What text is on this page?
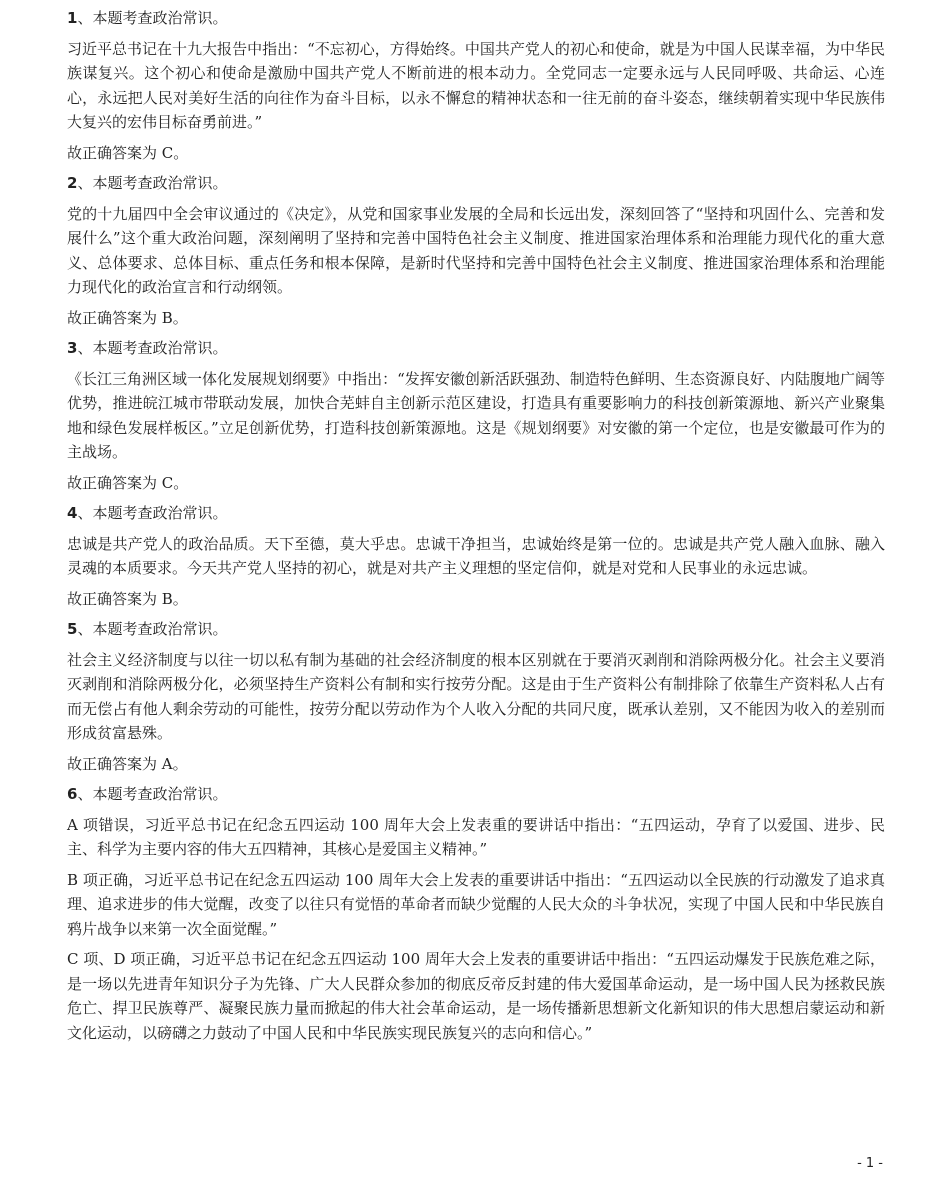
1、本题考查政治常识。
习近平总书记在十九大报告中指出：“不忘初心，方得始终。中国共产党人的初心和使命，就是为中国人民谋幸福，为中华民族谋复兴。这个初心和使命是激励中国共产党人不断前进的根本动力。全党同志一定要永远与人民同呼吸、共命运、心连心，永远把人民对美好生活的向往作为奋斗目标，以永不懈怠的精神状态和一往无前的奋斗姿态，继续朝着实现中华民族伟大复兴的宏伟目标奋勇前进。”
故正确答案为 C。
2、本题考查政治常识。
党的十九届四中全会审议通过的《决定》，从党和国家事业发展的全局和长远出发，深刻回答了“坚持和巩固什么、完善和发展什么”这个重大政治问题，深刻阐明了坚持和完善中国特色社会主义制度、推进国家治理体系和治理能力现代化的重大意义、总体要求、总体目标、重点任务和根本保障，是新时代坚持和完善中国特色社会主义制度、推进国家治理体系和治理能力现代化的政治宣言和行动纲领。
故正确答案为 B。
3、本题考查政治常识。
《长江三角洲区域一体化发展规划纲要》中指出：“发挥安徽创新活跃强劲、制造特色鲜明、生态资源良好、内陆腹地广阔等优势，推进皖江城市带联动发展，加快合芜蚌自主创新示范区建设，打造具有重要影响力的科技创新策源地、新兴产业聚集地和绿色发展样板区。”立足创新优势，打造科技创新策源地。这是《规划纲要》对安徽的第一个定位，也是安徽最可作为的主战场。
故正确答案为 C。
4、本题考查政治常识。
忠诚是共产党人的政治品质。天下至德，莫大乎忠。忠诚干净担当，忠诚始终是第一位的。忠诚是共产党人融入血脉、融入灵魂的本质要求。今天共产党人坚持的初心，就是对共产主义理想的坚定信仰，就是对党和人民事业的永远忠诚。
故正确答案为 B。
5、本题考查政治常识。
社会主义经济制度与以往一切以私有制为基础的社会经济制度的根本区别就在于要消灭剥削和消除两极分化。社会主义要消灭剥削和消除两极分化，必须坚持生产资料公有制和实行按劳分配。这是由于生产资料公有制排除了依靠生产资料私人占有而无偿占有他人剩余劳动的可能性，按劳分配以劳动作为个人收入分配的共同尺度，既承认差别，又不能因为收入的差别而形成贫富悬殊。
故正确答案为 A。
6、本题考查政治常识。
A 项错误，习近平总书记在纪念五四运动 100 周年大会上发表重的要讲话中指出：“五四运动，孕育了以爱国、进步、民主、科学为主要内容的伟大五四精神，其核心是爱国主义精神。”
B 项正确，习近平总书记在纪念五四运动 100 周年大会上发表的重要讲话中指出：“五四运动以全民族的行动激发了追求真理、追求进步的伟大觉醒，改变了以往只有觉悟的革命者而缺少觉醒的人民大众的斗争状况，实现了中国人民和中华民族自鸦片战争以来第一次全面觉醒。”
C 项、D 项正确，习近平总书记在纪念五四运动 100 周年大会上发表的重要讲话中指出：“五四运动爆发于民族危难之际，是一场以先进青年知识分子为先锋、广大人民群众参加的彻底反帝反封建的伟大爱国革命运动，是一场中国人民为拯救民族危亡、捍卫民族尊严、凝聚民族力量而掀起的伟大社会革命运动，是一场传播新思想新文化新知识的伟大思想启蒙运动和新文化运动，以磅礴之力鼓动了中国人民和中华民族实现民族复兴的志向和信心。”
- 1 -
